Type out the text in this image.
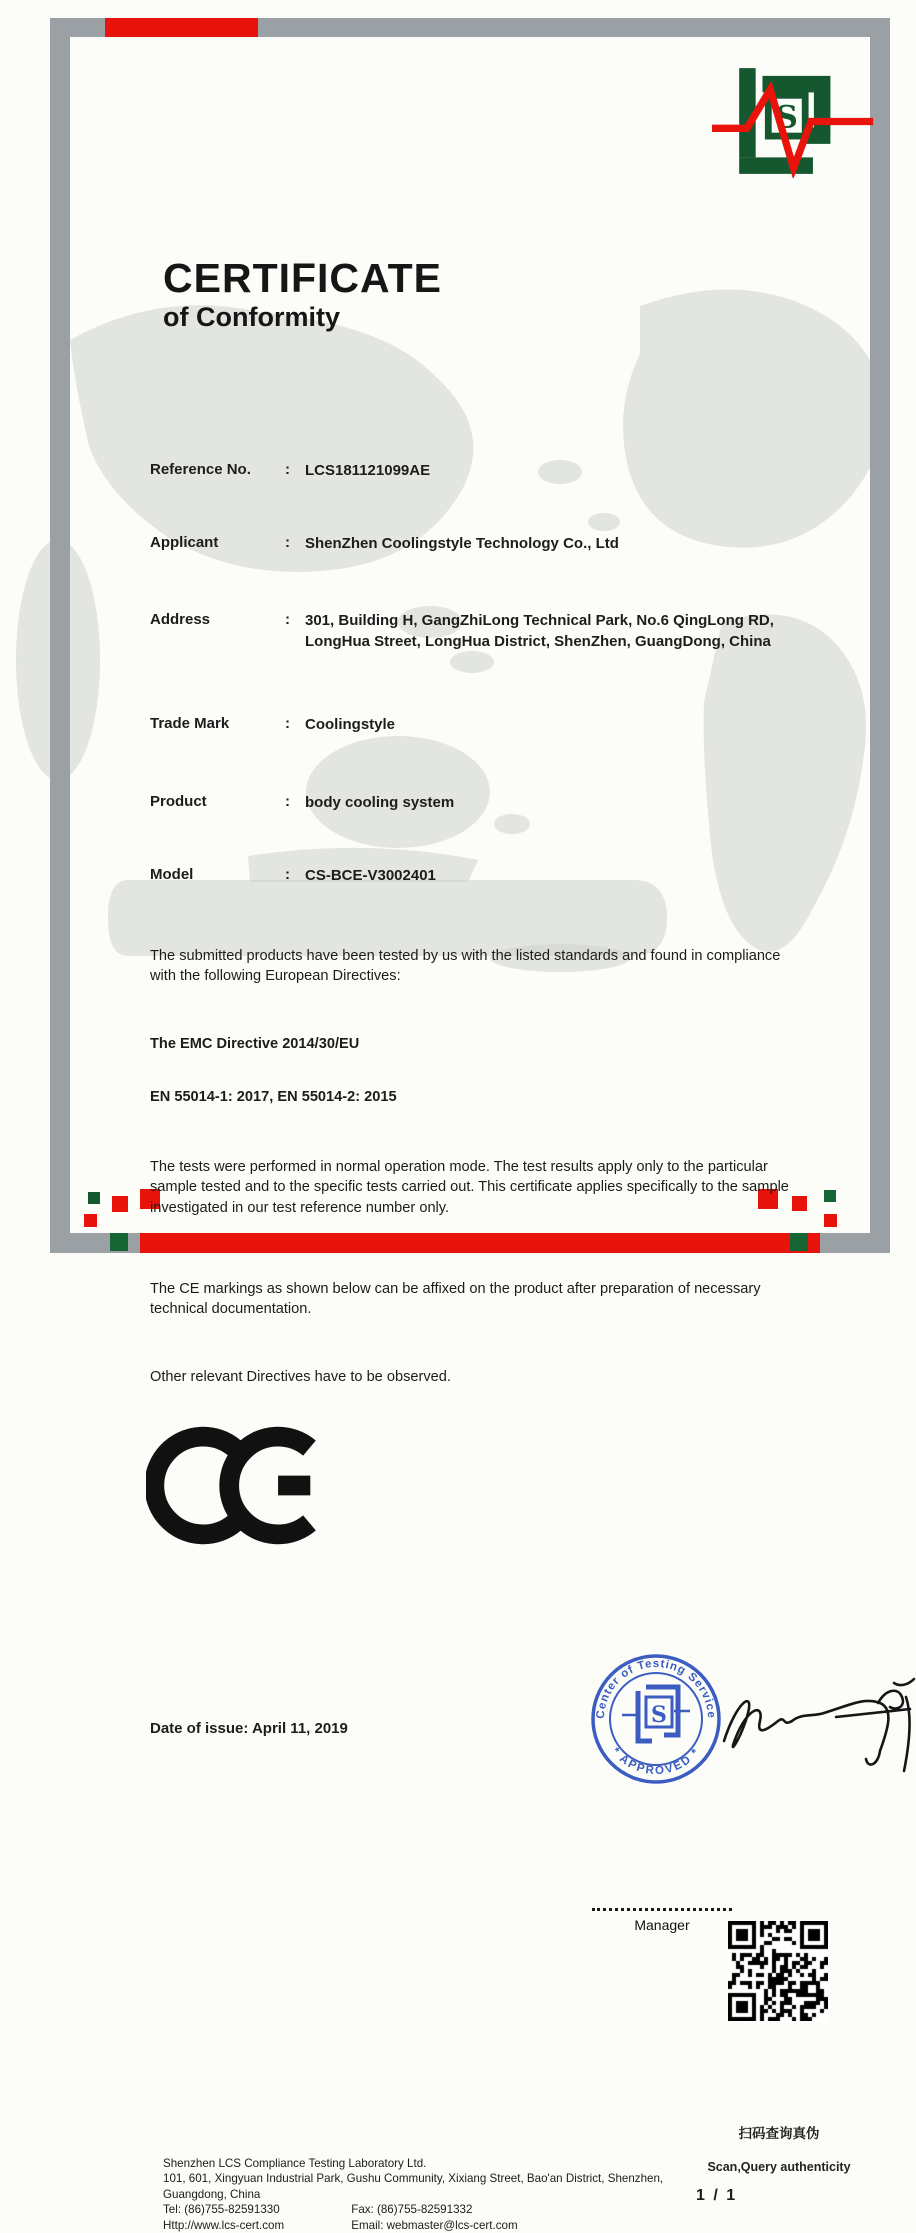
S
CERTIFICATE
of Conformity
Reference No.	:	LCS181121099AE
Applicant	:	ShenZhen Coolingstyle Technology Co., Ltd
Address	:	301, Building H, GangZhiLong Technical Park, No.6 QingLong RD, LongHua Street, LongHua District, ShenZhen, GuangDong, China
Trade Mark	:	Coolingstyle
Product	:	body cooling system
Model	:	CS-BCE-V3002401
The submitted products have been tested by us with the listed standards and found in compliance with the following European Directives:
The EMC Directive 2014/30/EU
EN 55014-1: 2017, EN 55014-2: 2015
The tests were performed in normal operation mode. The test results apply only to the particular sample tested and to the specific tests carried out. This certificate applies specifically to the sample investigated in our test reference number only.
The CE markings as shown below can be affixed on the product after preparation of necessary technical documentation.
Other relevant Directives have to be observed.
Date of issue: April 11, 2019
Center of Testing Service
* APPROVED *
S

Manager
扫码查询真伪
Scan,Query authenticity
1 / 1
Shenzhen LCS Compliance Testing Laboratory Ltd.
101, 601, Xingyuan Industrial Park, Gushu Community, Xixiang Street, Bao'an District, Shenzhen,
Guangdong, China
Tel: (86)755-82591330	Fax: (86)755-82591332
Http://www.lcs-cert.com	Email: webmaster@lcs-cert.com
